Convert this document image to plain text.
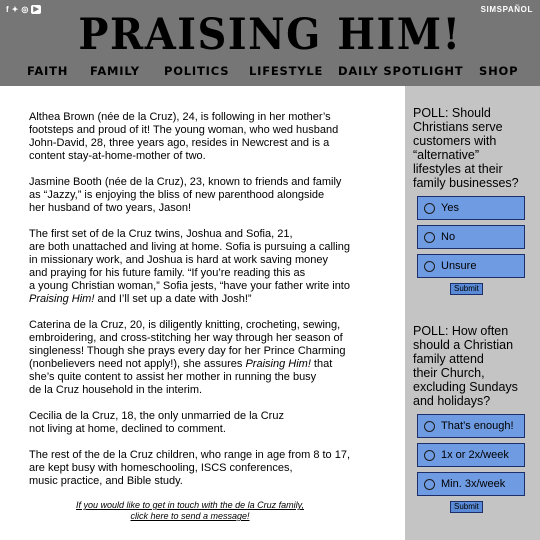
f ✦ ◎ ▶	SIMSPAÑOL
PRAISING HIM!
FAITH FAMILY POLITICS LIFESTYLE DAILY SPOTLIGHT SHOP

Althea Brown (née de la Cruz), 24, is following in her mother’s
footsteps and proud of it! The young woman, who wed husband
John-David, 28, three years ago, resides in Newcrest and is a
content stay-at-home-mother of two.

Jasmine Booth (née de la Cruz), 23, known to friends and family
as “Jazzy,” is enjoying the bliss of new parenthood alongside
her husband of two years, Jason!

The first set of de la Cruz twins, Joshua and Sofia, 21,
are both unattached and living at home. Sofia is pursuing a calling
in missionary work, and Joshua is hard at work saving money
and praying for his future family. “If you’re reading this as
a young Christian woman,” Sofia jests, “have your father write into
Praising Him! and I’ll set up a date with Josh!”

Caterina de la Cruz, 20, is diligently knitting, crocheting, sewing,
embroidering, and cross-stitching her way through her season of
singleness! Though she prays every day for her Prince Charming
(nonbelievers need not apply!), she assures Praising Him! that
she’s quite content to assist her mother in running the busy
de la Cruz household in the interim.

Cecilia de la Cruz, 18, the only unmarried de la Cruz
not living at home, declined to comment.

The rest of the de la Cruz children, who range in age from 8 to 17,
are kept busy with homeschooling, ISCS conferences,
music practice, and Bible study.

If you would like to get in touch with the de la Cruz family,
click here to send a message!
POLL: Should
Christians serve
customers with
“alternative”
lifestyles at their
family businesses?
Yes
No
Unsure
Submit
POLL: How often
should a Christian
family attend
their Church,
excluding Sundays
and holidays?
That’s enough!
1x or 2x/week
Min. 3x/week
Submit
